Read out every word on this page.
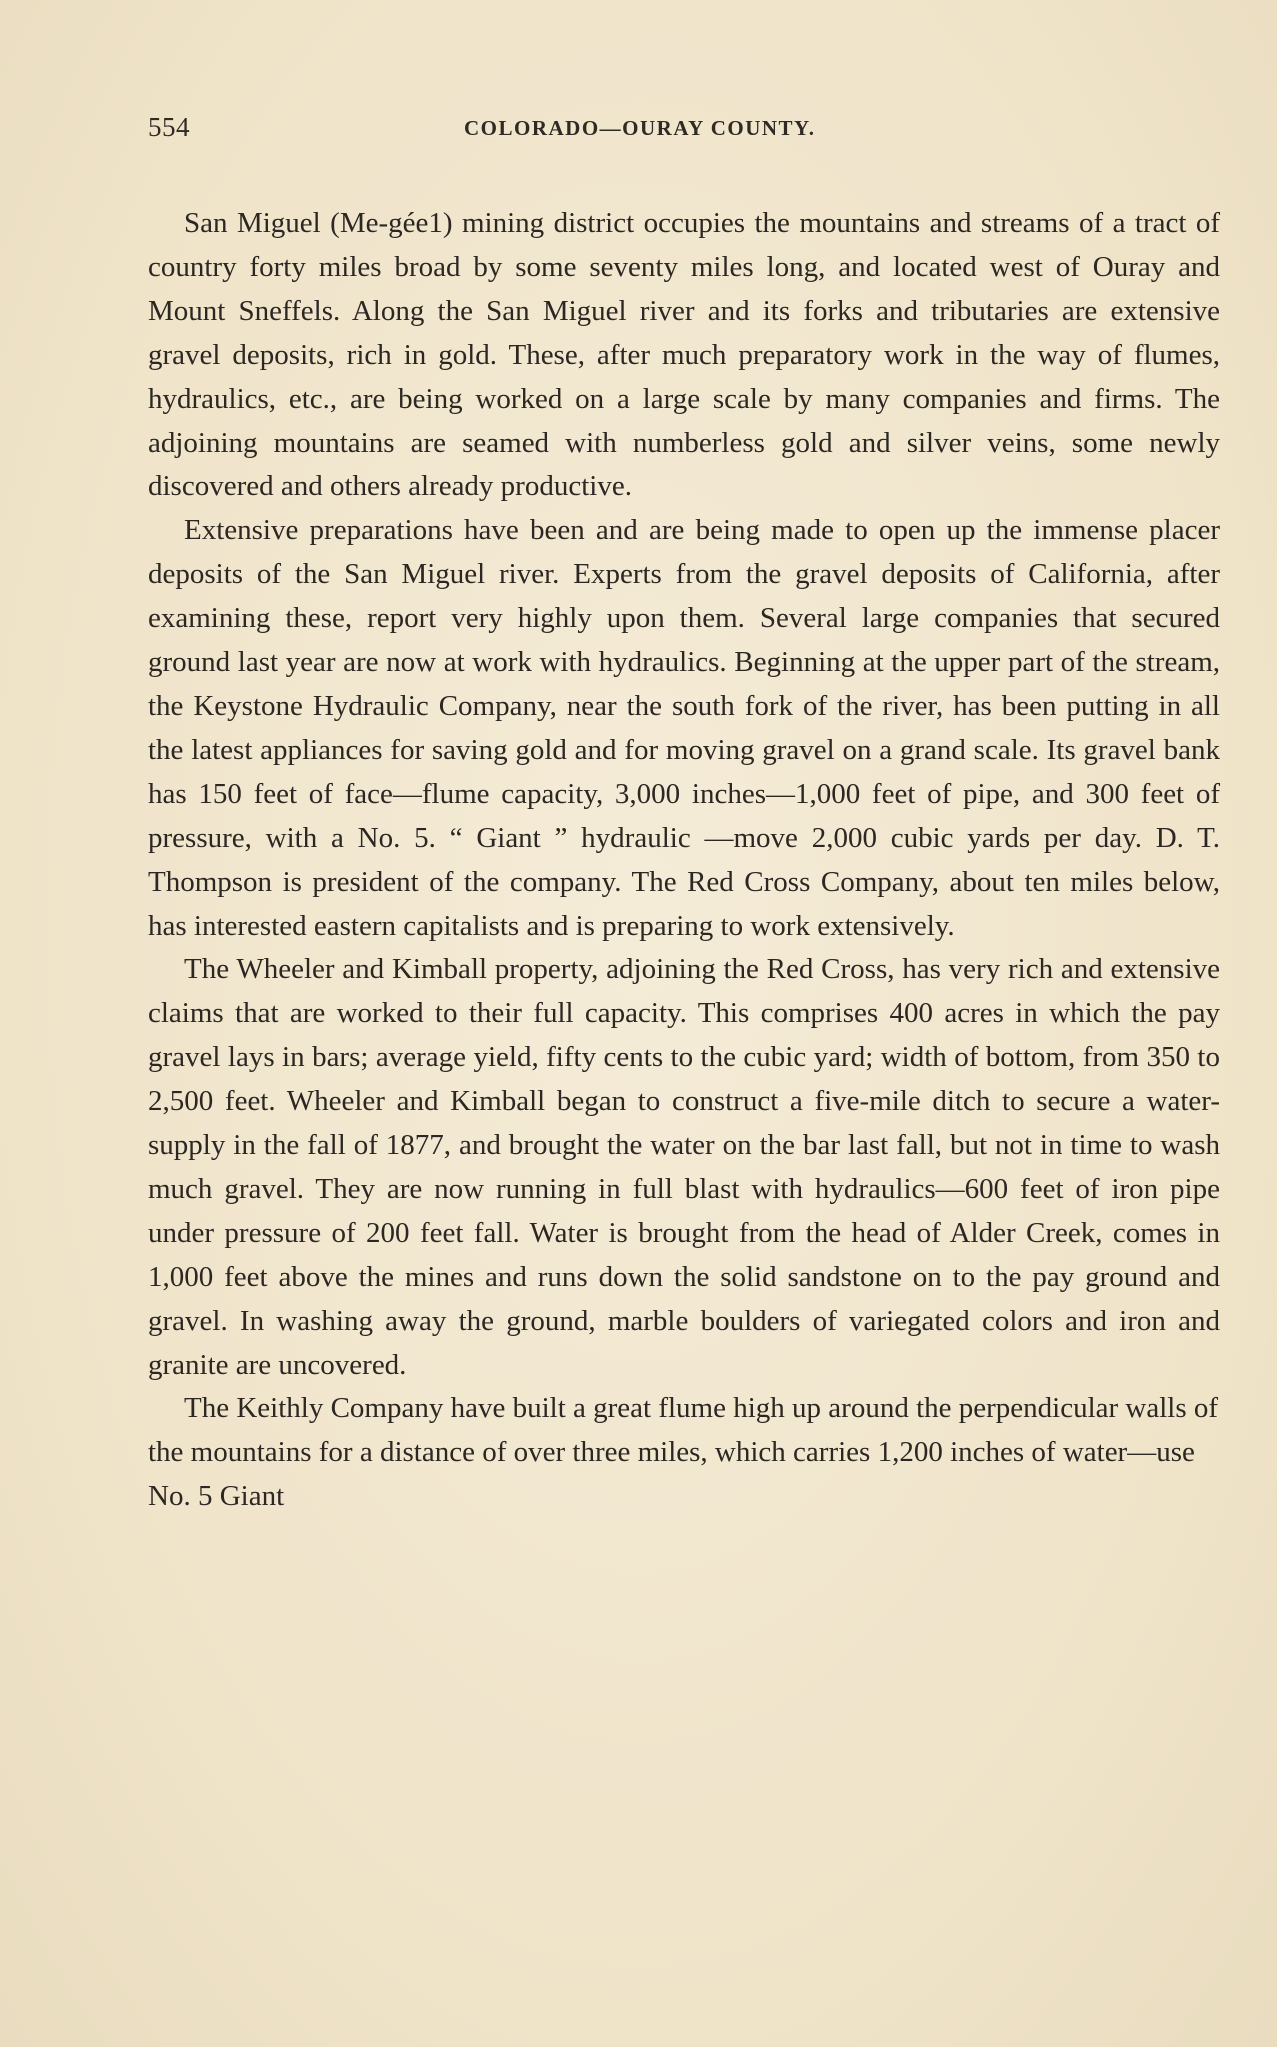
554	COLORADO—OURAY COUNTY.

San Miguel (Me-gée1) mining district occupies the mountains and streams of a tract of country forty miles broad by some seventy miles long, and located west of Ouray and Mount Sneffels. Along the San Miguel river and its forks and tributaries are extensive gravel deposits, rich in gold. These, after much preparatory work in the way of flumes, hydraulics, etc., are being worked on a large scale by many companies and firms. The adjoining mountains are seamed with numberless gold and silver veins, some newly discovered and others already productive.

Extensive preparations have been and are being made to open up the immense placer deposits of the San Miguel river. Experts from the gravel deposits of California, after examining these, report very highly upon them. Several large companies that secured ground last year are now at work with hydraulics. Beginning at the upper part of the stream, the Keystone Hydraulic Company, near the south fork of the river, has been putting in all the latest appliances for saving gold and for moving gravel on a grand scale. Its gravel bank has 150 feet of face—flume capacity, 3,000 inches—1,000 feet of pipe, and 300 feet of pressure, with a No. 5. “ Giant ” hydraulic —move 2,000 cubic yards per day. D. T. Thompson is president of the company. The Red Cross Company, about ten miles below, has interested eastern capitalists and is preparing to work extensively.

The Wheeler and Kimball property, adjoining the Red Cross, has very rich and extensive claims that are worked to their full capacity. This comprises 400 acres in which the pay gravel lays in bars; average yield, fifty cents to the cubic yard; width of bottom, from 350 to 2,500 feet. Wheeler and Kimball began to construct a five-mile ditch to secure a water-supply in the fall of 1877, and brought the water on the bar last fall, but not in time to wash much gravel. They are now running in full blast with hydraulics—600 feet of iron pipe under pressure of 200 feet fall. Water is brought from the head of Alder Creek, comes in 1,000 feet above the mines and runs down the solid sandstone on to the pay ground and gravel. In washing away the ground, marble boulders of variegated colors and iron and granite are uncovered.

The Keithly Company have built a great flume high up around the perpendicular walls of the mountains for a distance of over three miles, which carries 1,200 inches of water—use No. 5 Giant
